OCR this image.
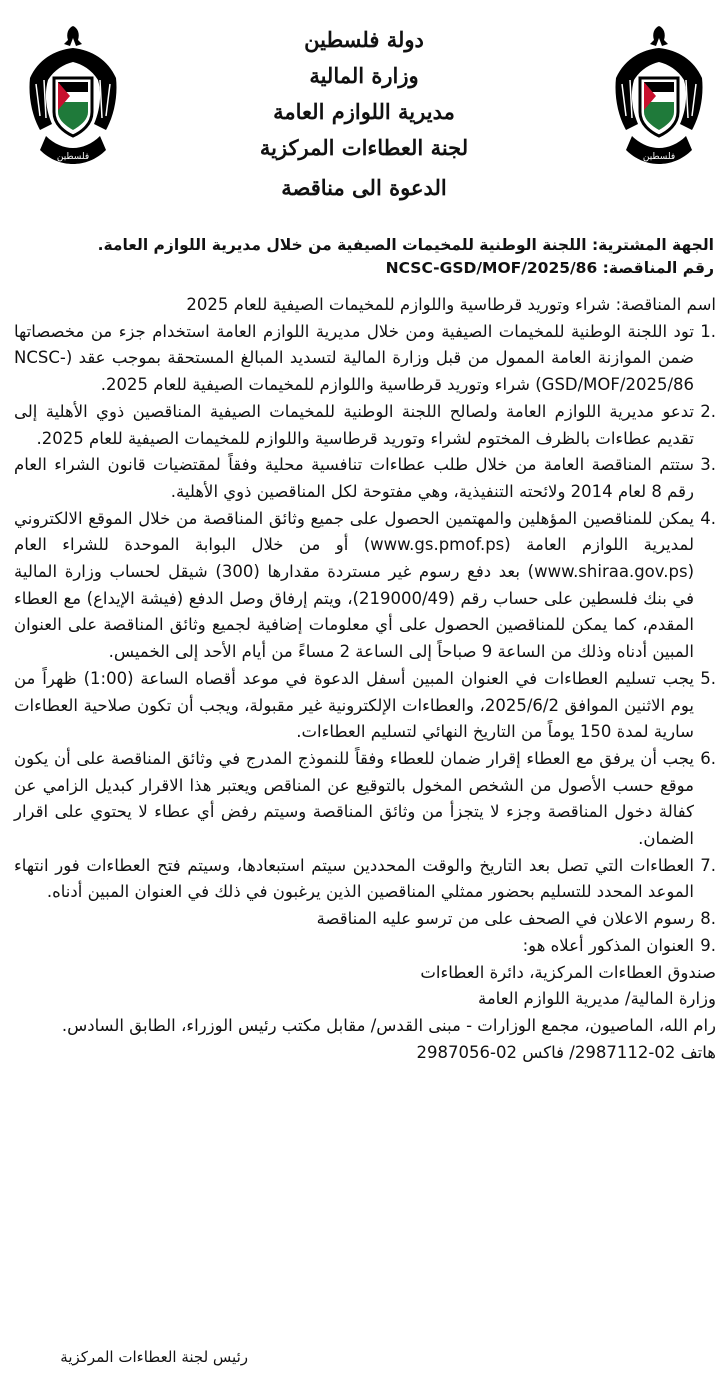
فلسطين
فلسطين
دولة فلسطين
وزارة المالية
مديرية اللوازم العامة
لجنة العطاءات المركزية
الدعوة الى مناقصة
الجهة المشترية: اللجنة الوطنية للمخيمات الصيفية من خلال مديرية اللوازم العامة.
رقم المناقصة: NCSC-GSD/MOF/2025/86
اسم المناقصة: شراء وتوريد قرطاسية واللوازم للمخيمات الصيفية للعام 2025
.1
تود اللجنة الوطنية للمخيمات الصيفية ومن خلال مديرية اللوازم العامة استخدام جزء من مخصصاتها ضمن الموازنة العامة الممول من قبل وزارة المالية لتسديد المبالغ المستحقة بموجب عقد (NCSC-GSD/MOF/2025/86) شراء وتوريد قرطاسية واللوازم للمخيمات الصيفية للعام 2025.
.2
تدعو مديرية اللوازم العامة ولصالح اللجنة الوطنية للمخيمات الصيفية المناقصين ذوي الأهلية إلى تقديم عطاءات بالظرف المختوم لشراء وتوريد قرطاسية واللوازم للمخيمات الصيفية للعام 2025.
.3
ستتم المناقصة العامة من خلال طلب عطاءات تنافسية محلية وفقاً لمقتضيات قانون الشراء العام رقم 8 لعام 2014 ولائحته التنفيذية، وهي مفتوحة لكل المناقصين ذوي الأهلية.
.4
يمكن للمناقصين المؤهلين والمهتمين الحصول على جميع وثائق المناقصة من خلال الموقع الالكتروني لمديرية اللوازم العامة (www.gs.pmof.ps) أو من خلال البوابة الموحدة للشراء العام (www.shiraa.gov.ps) بعد دفع رسوم غير مستردة مقدارها (300) شيقل لحساب وزارة المالية في بنك فلسطين على حساب رقم (219000/49)، ويتم إرفاق وصل الدفع (فيشة الإيداع) مع العطاء المقدم، كما يمكن للمناقصين الحصول على أي معلومات إضافية لجميع وثائق المناقصة على العنوان المبين أدناه وذلك من الساعة 9 صباحاً إلى الساعة 2 مساءً من أيام الأحد إلى الخميس.
.5
يجب تسليم العطاءات في العنوان المبين أسفل الدعوة في موعد أقصاه الساعة (1:00) ظهراً من يوم الاثنين الموافق 2025/6/2، والعطاءات الإلكترونية غير مقبولة، ويجب أن تكون صلاحية العطاءات سارية لمدة 150 يوماً من التاريخ النهائي لتسليم العطاءات.
.6
يجب أن يرفق مع العطاء إقرار ضمان للعطاء وفقاً للنموذج المدرج في وثائق المناقصة على أن يكون موقع حسب الأصول من الشخص المخول بالتوقيع عن المناقص ويعتبر هذا الاقرار كبديل الزامي عن كفالة دخول المناقصة وجزء لا يتجزأ من وثائق المناقصة وسيتم رفض أي عطاء لا يحتوي على اقرار الضمان.
.7
العطاءات التي تصل بعد التاريخ والوقت المحددين سيتم استبعادها، وسيتم فتح العطاءات فور انتهاء الموعد المحدد للتسليم بحضور ممثلي المناقصين الذين يرغبون في ذلك في العنوان المبين أدناه.
.8
رسوم الاعلان في الصحف على من ترسو عليه المناقصة
.9
العنوان المذكور أعلاه هو:
صندوق العطاءات المركزية، دائرة العطاءات
وزارة المالية/ مديرية اللوازم العامة
رام الله، الماصيون، مجمع الوزارات - مبنى القدس/ مقابل مكتب رئيس الوزراء، الطابق السادس.
هاتف 02-2987112/ فاكس 02-2987056
رئيس لجنة العطاءات المركزية
